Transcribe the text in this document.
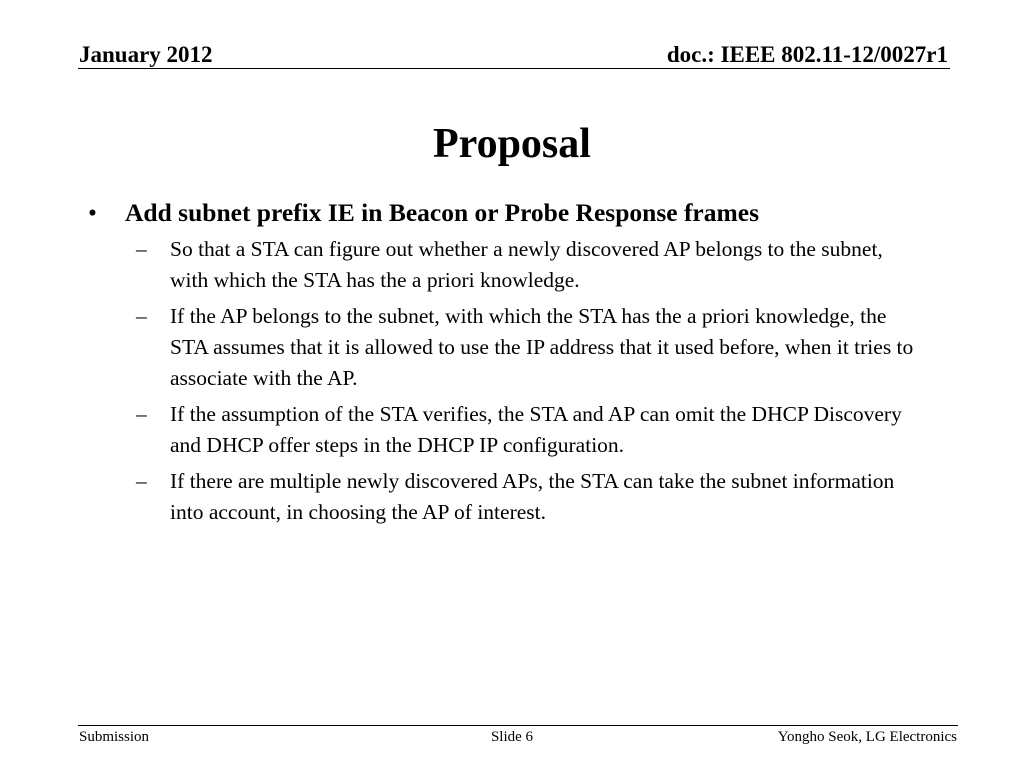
January 2012	doc.: IEEE 802.11-12/0027r1
Proposal
• Add subnet prefix IE in Beacon or Probe Response frames
– So that a STA can figure out whether a newly discovered AP belongs to the subnet, with which the STA has the a priori knowledge.
– If the AP belongs to the subnet, with which the STA has the a priori knowledge, the STA assumes that it is allowed to use the IP address that it used before, when it tries to associate with the AP.
– If the assumption of the STA verifies, the STA and AP can omit the DHCP Discovery and DHCP offer steps in the DHCP IP configuration.
– If there are multiple newly discovered APs, the STA can take the subnet information into account, in choosing the AP of interest.
Submission	Slide 6	Yongho Seok, LG Electronics
